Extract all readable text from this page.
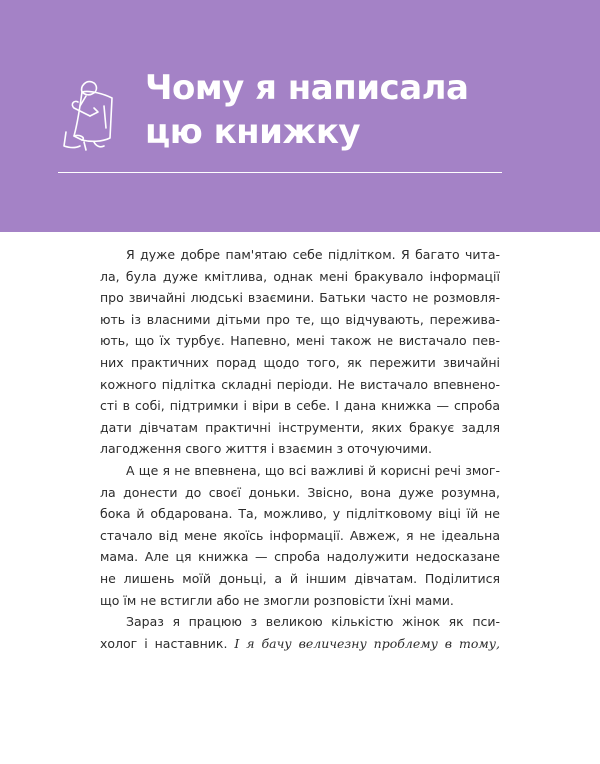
Чому я написала
цю книжку

Я дуже добре пам'ятаю себе підлітком. Я багато чита-
ла, була дуже кмітлива, однак мені бракувало інформації
про звичайні людські взаємини. Батьки часто не розмовля-
ють із власними дітьми про те, що відчувають, пережива-
ють, що їх турбує. Напевно, мені також не вистачало пев-
них практичних порад щодо того, як пережити звичайні
кожного підлітка складні періоди. Не вистачало впевнено-
сті в собі, підтримки і віри в себе. І дана книжка — спроба
дати дівчатам практичні інструменти, яких бракує задля
лагодження свого життя і взаємин з оточуючими.

А ще я не впевнена, що всі важливі й корисні речі змог-
ла донести до своєї доньки. Звісно, вона дуже розумна,
бока й обдарована. Та, можливо, у підлітковому віці їй не
стачало від мене якоїсь інформації. Авжеж, я не ідеальна
мама. Але ця книжка — спроба надолужити недосказане
не лишень моїй доньці, а й іншим дівчатам. Поділитися
що їм не встигли або не змогли розповісти їхні мами.

Зараз я працюю з великою кількістю жінок як пси-
холог і наставник. І я бачу величезну проблему в тому,
